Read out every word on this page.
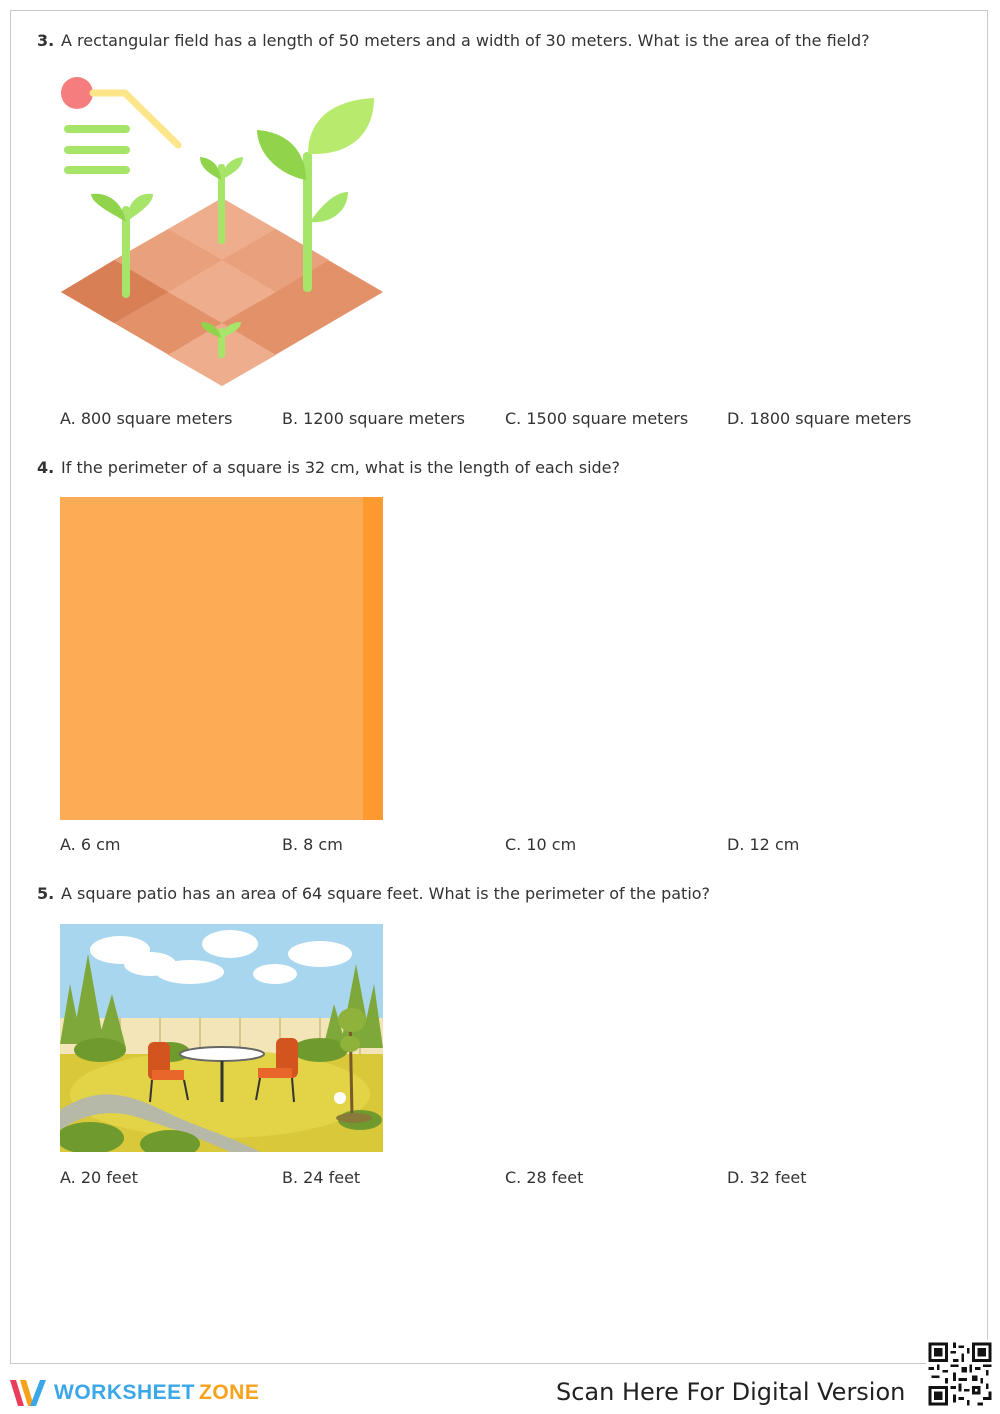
3. A rectangular field has a length of 50 meters and a width of 30 meters. What is the area of the field?
A. 800 square meters	B. 1200 square meters C. 1500 square meters D. 1800 square meters
4. If the perimeter of a square is 32 cm, what is the length of each side?
A. 6 cm	B. 8 cm	C. 10 cm	D. 12 cm
5. A square patio has an area of 64 square feet. What is the perimeter of the patio?
A. 20 feet	B. 24 feet	C. 28 feet	D. 32 feet
WORKSHEET ZONE	Scan Here For Digital Version
